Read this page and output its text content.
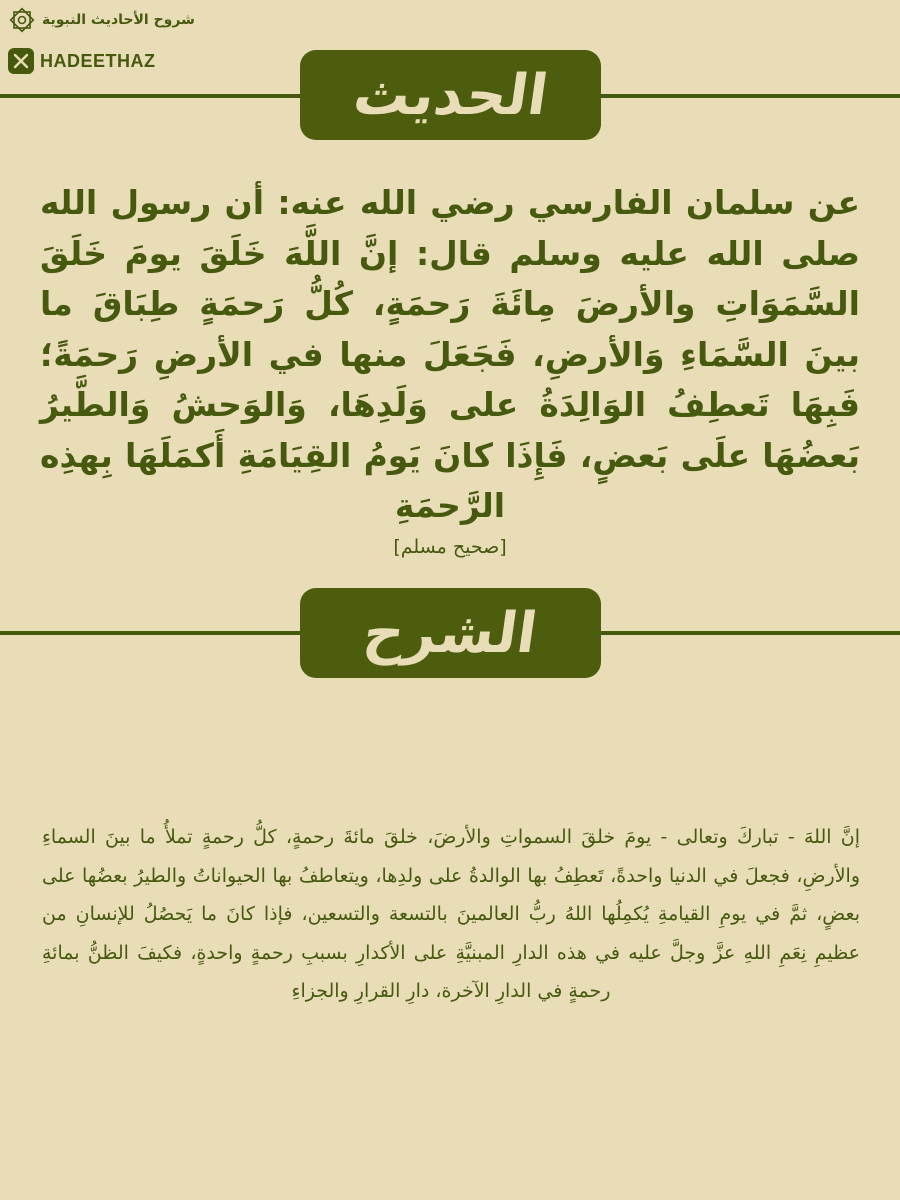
شروح الأحاديث النبوية
HADEETHAZ
الحديث
عن سلمان الفارسي رضي الله عنه: أن رسول الله صلى الله عليه وسلم قال: إنَّ اللَّهَ خَلَقَ يومَ خَلَقَ السَّمَوَاتِ والأرضَ مِائَةَ رَحمَةٍ، كُلُّ رَحمَةٍ طِبَاقَ ما بينَ السَّمَاءِ وَالأرضِ، فَجَعَلَ منها في الأرضِ رَحمَةً؛ فَبِهَا تَعطِفُ الوَالِدَةُ على وَلَدِهَا، وَالوَحشُ وَالطَّيرُ بَعضُهَا علَى بَعضٍ، فَإِذَا كانَ يَومُ القِيَامَةِ أَكمَلَهَا بِهذِه الرَّحمَةِ
[صحيح مسلم]
الشرح
إنَّ اللهَ - تباركَ وتعالى - يومَ خلقَ السمواتِ والأرضَ، خلقَ مائةَ رحمةٍ، كلُّ رحمةٍ تملأُ ما بينَ السماءِ والأرضِ، فجعلَ في الدنيا واحدةً، تَعطِفُ بها الوالدةُ على ولدِها، ويتعاطفُ بها الحيواناتُ والطيرُ بعضُها على بعضٍ، ثمَّ في يومِ القيامةِ يُكمِلُها اللهُ ربُّ العالمينَ بالتسعة والتسعين، فإذا كانَ ما يَحصُلُ للإنسانِ من عظيمِ نِعَمِ اللهِ عزَّ وجلَّ عليه في هذه الدارِ المبنيَّةِ على الأكدارِ بسببِ رحمةٍ واحدةٍ، فكيفَ الظنُّ بمائةِ رحمةٍ في الدارِ الآخرة، دارِ القرارِ والجزاءِ
